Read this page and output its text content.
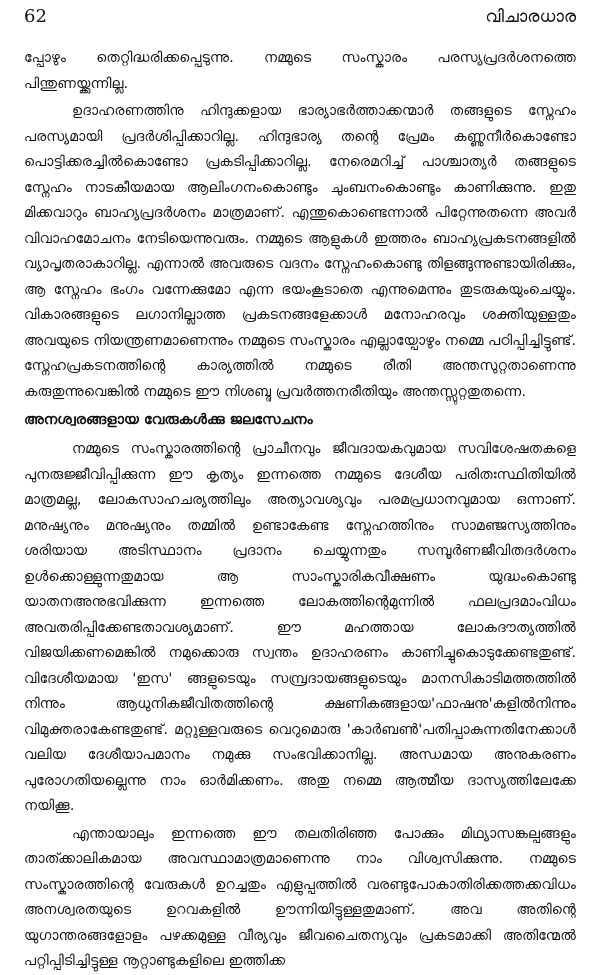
62	വിചാരധാര

പ്പോഴും തെറ്റിദ്ധരിക്കപ്പെടുന്നു. നമ്മുടെ സംസ്കാരം പരസ്യപ്രദർശനത്തെ പിന്തുണയ്ക്കുന്നില്ല.

ഉദാഹരണത്തിനു ഹിന്ദുക്കളായ ഭാര്യാഭർത്താക്കന്മാർ തങ്ങളുടെ സ്നേഹം പരസ്യമായി പ്രദർശിപ്പിക്കാറില്ല. ഹിന്ദുഭാര്യ തന്റെ പ്രേമം കണ്ണുനീർകൊണ്ടോ പൊട്ടിക്കരച്ചിൽകൊണ്ടോ പ്രകടിപ്പിക്കാറില്ല. നേരെമറിച്ച് പാശ്ചാത്യർ തങ്ങളുടെ സ്നേഹം നാടകീയമായ ആലിംഗനംകൊണ്ടും ചുംബനംകൊണ്ടും കാണിക്കുന്നു. ഇതു മിക്കവാറും ബാഹ്യപ്രദർശനം മാത്രമാണ്. എന്തുകൊണ്ടെന്നാൽ പിറ്റേന്നുതന്നെ അവർ വിവാഹമോചനം നേടിയെന്നുവരും. നമ്മുടെ ആളുകൾ ഇത്തരം ബാഹ്യപ്രകടനങ്ങളിൽ വ്യാപൃതരാകാറില്ല. എന്നാൽ അവരുടെ വദനം സ്നേഹംകൊണ്ടു തിളങ്ങുന്നുണ്ടായിരിക്കും, ആ സ്നേഹം ഭംഗം വന്നേക്കുമോ എന്ന ഭയംകൂടാതെ എന്നുമെന്നും തുടരുകയുംചെയ്യും. വികാരങ്ങളുടെ ലഗാനില്ലാത്ത പ്രകടനങ്ങളേക്കാൾ മനോഹരവും ശക്തിയുള്ളതും അവയുടെ നിയന്ത്രണമാണെന്നും നമ്മുടെ സംസ്കാരം എല്ലായ്പോഴും നമ്മെ പഠിപ്പിച്ചിട്ടുണ്ട്. സ്നേഹപ്രകടനത്തിന്റെ കാര്യത്തിൽ നമ്മുടെ രീതി അന്തസുറ്റതാണെന്നു കരുതുന്നുവെങ്കിൽ നമ്മുടെ ഈ നിശബ്ദ പ്രവർത്തനരീതിയും അന്തസ്സുറ്റതുതന്നെ.

അനശ്വരങ്ങളായ വേരുകൾക്കു ജലസേചനം

നമ്മുടെ സംസ്കാരത്തിന്റെ പ്രാചീനവും ജീവദായകവുമായ സവിശേഷതകളെ പുനരുജ്ജീവിപ്പിക്കുന്ന ഈ കൃത്യം ഇന്നത്തെ നമ്മുടെ ദേശീയ പരിതഃസ്ഥിതിയിൽ മാത്രമല്ല, ലോകസാഹചര്യത്തിലും അത്യാവശ്യവും പരമപ്രധാനവുമായ ഒന്നാണ്. മനുഷ്യനും മനുഷ്യനും തമ്മിൽ ഉണ്ടാകേണ്ട സ്നേഹത്തിനും സാമഞ്ജസ്യത്തിനും ശരിയായ അടിസ്ഥാനം പ്രദാനം ചെയ്യുന്നതും സമ്പൂർണജീവിതദർശനം ഉൾക്കൊള്ളുന്നതുമായ ആ സാംസ്കാരികവീക്ഷണം യുദ്ധംകൊണ്ടു യാതനഅനുഭവിക്കുന്ന ഇന്നത്തെ ലോകത്തിന്റെമുന്നിൽ ഫലപ്രദമാംവിധം അവതരിപ്പിക്കേണ്ടതാവശ്യമാണ്. ഈ മഹത്തായ ലോകദൗത്യത്തിൽ വിജയിക്കണമെങ്കിൽ നമുക്കൊരു സ്വന്തം ഉദാഹരണം കാണിച്ചുകൊടുക്കേണ്ടതുണ്ട്. വിദേശീയമായ 'ഇസ' ങ്ങളുടെയും സമ്പ്രദായങ്ങളുടെയും മാനസികാടിമത്തത്തിൽ നിന്നും ആധുനികജീവിതത്തിന്റെ ക്ഷണികങ്ങളായ'ഫാഷനു'കളിൽനിന്നും വിമുക്തരാകേണ്ടതുണ്ട്. മറ്റുള്ളവരുടെ വെറുമൊരു 'കാർബൺ'പതിപ്പാകുന്നതിനേക്കാൾ വലിയ ദേശീയാപമാനം നമുക്കു സംഭവിക്കാനില്ല. അന്ധമായ അനുകരണം പുരോഗതിയല്ലെന്നു നാം ഓർമിക്കണം. അതു നമ്മെ ആത്മീയ ദാസ്യത്തിലേക്കേ നയിക്കൂ.

എന്തായാലും ഇന്നത്തെ ഈ തലതിരിഞ്ഞ പോക്കും മിഥ്യാസങ്കല്പങ്ങളും താത്ക്കാലികമായ അവസ്ഥാമാത്രമാണെന്നു നാം വിശ്വസിക്കുന്നു. നമ്മുടെ സംസ്കാരത്തിന്റെ വേരുകൾ ഉറച്ചതും എളുപ്പത്തിൽ വരണ്ടുപോകാതിരിക്കത്തക്കവിധം അനശ്വരതയുടെ ഉറവകളിൽ ഊന്നിയിട്ടുള്ളതുമാണ്. അവ അതിന്റെ യുഗാന്തരങ്ങളോളം പഴക്കമുള്ള വീര്യവും ജീവചൈതന്യവും പ്രകടമാക്കി അതിന്മേൽ പറ്റിപ്പിടിച്ചിട്ടുള്ള നൂറ്റാണ്ടുകളിലെ ഇത്തിക്ക
